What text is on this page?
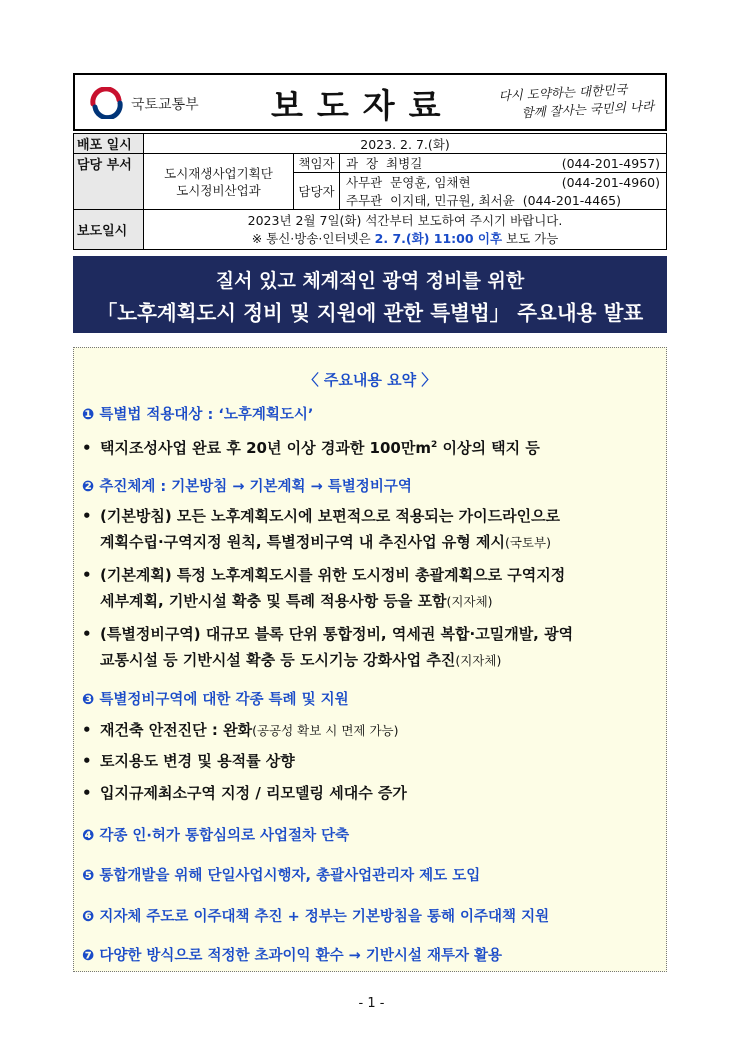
국토교통부 보도자료	다시 도약하는 대한민국
함께 잘사는 국민의 나라
배포 일시	2023. 2. 7.(화)			
담당 부서	도시재생사업기획단
도시정비산업과	책임자	과  장  최병길	(044-201-4957)
		담당자	사무관  문영훈, 임채현	(044-201-4960)
			주무관  이지태, 민규원, 최서윤  (044-201-4465)	
보도일시	2023년 2월 7일(화) 석간부터 보도하여 주시기 바랍니다.
※ 통신·방송·인터넷은 2. 7.(화) 11:00 이후 보도 가능			
질서 있고 체계적인 광역 정비를 위한
「노후계획도시 정비 및 지원에 관한 특별법」 주요내용 발표
〈 주요내용 요약 〉
❶ 특별법 적용대상 : ‘노후계획도시’
• 택지조성사업 완료 후 20년 이상 경과한 100만$m^2$ 이상의 택지 등
❷ 추진체계 : 기본방침 → 기본계획 → 특별정비구역
• (기본방침) 모든 노후계획도시에 보편적으로 적용되는 가이드라인으로
계획수립·구역지정 원칙, 특별정비구역 내 추진사업 유형 제시(국토부)
• (기본계획) 특정 노후계획도시를 위한 도시정비 총괄계획으로 구역지정
세부계획, 기반시설 확충 및 특례 적용사항 등을 포함(지자체)
• (특별정비구역) 대규모 블록 단위 통합정비, 역세권 복합·고밀개발, 광역
교통시설 등 기반시설 확충 등 도시기능 강화사업 추진(지자체)
❸ 특별정비구역에 대한 각종 특례 및 지원
• 재건축 안전진단 : 완화(공공성 확보 시 면제 가능)
• 토지용도 변경 및 용적률 상향
• 입지규제최소구역 지정 / 리모델링 세대수 증가
❹ 각종 인·허가 통합심의로 사업절차 단축
❺ 통합개발을 위해 단일사업시행자, 총괄사업관리자 제도 도입
❻ 지자체 주도로 이주대책 추진 + 정부는 기본방침을 통해 이주대책 지원
❼ 다양한 방식으로 적정한 초과이익 환수 → 기반시설 재투자 활용
- 1 -
